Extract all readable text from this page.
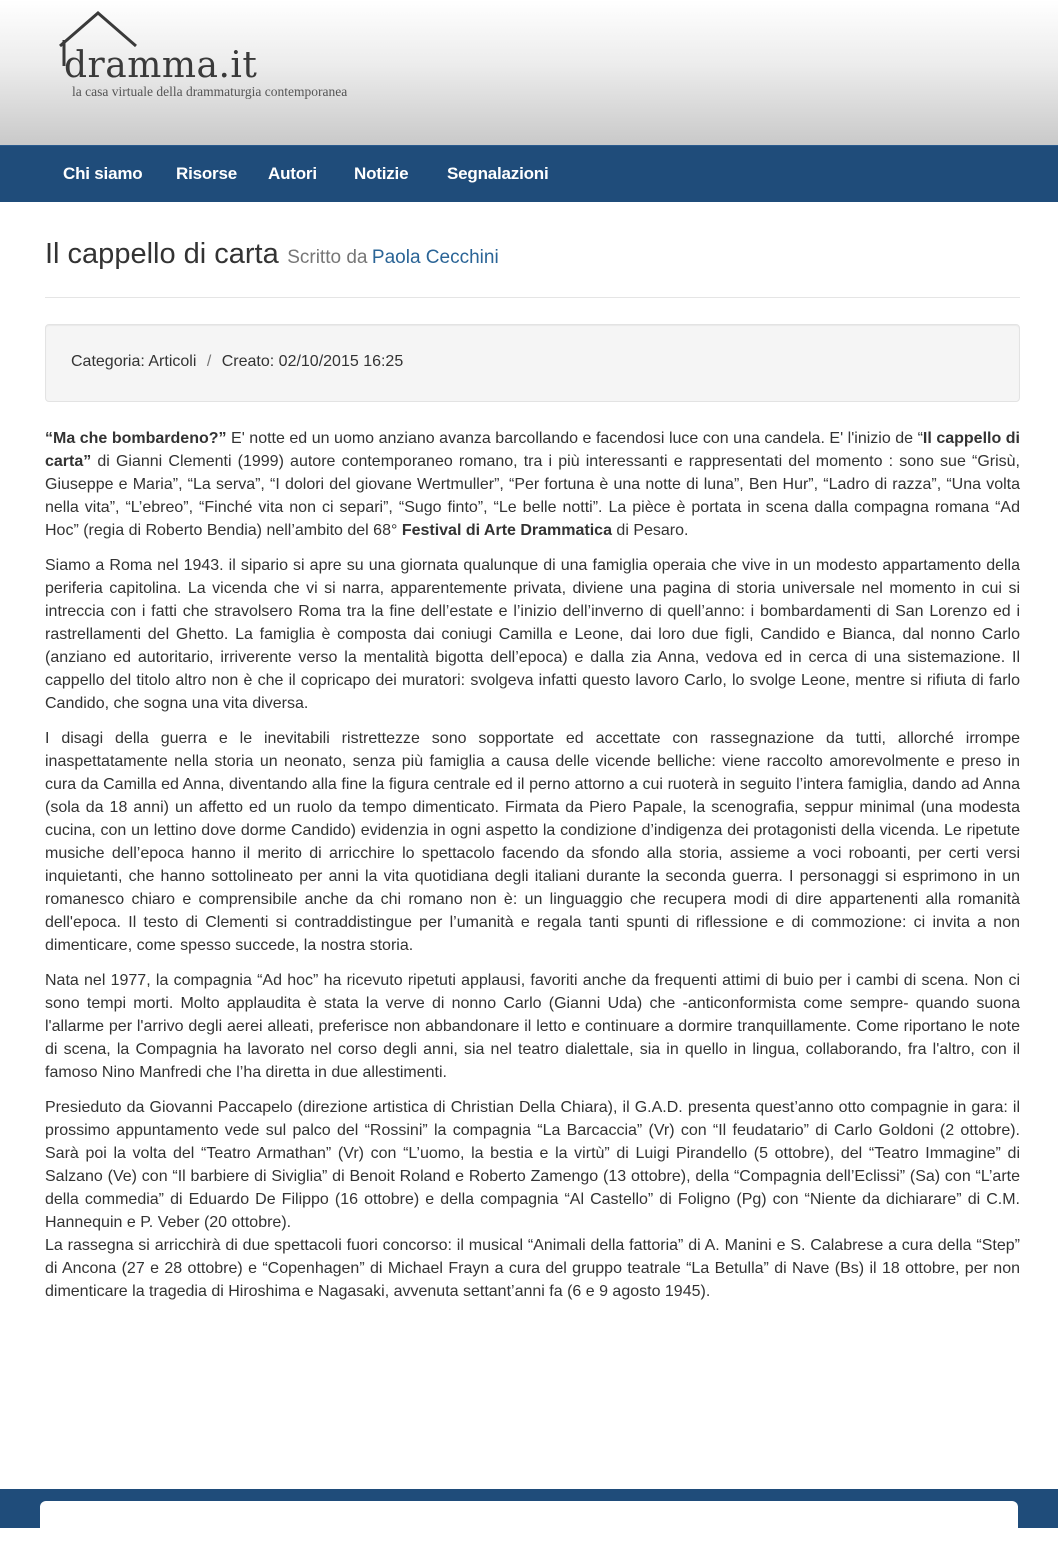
dramma.it
la casa virtuale della drammaturgia contemporanea
Chi siamo Risorse Autori Notizie Segnalazioni
Il cappello di carta Scritto da Paola Cecchini
Categoria: Articoli / Creato: 02/10/2015 16:25

“Ma che bombardeno?” E' notte ed un uomo anziano avanza barcollando e facendosi luce con una candela. E' l'inizio de “Il cappello di carta” di Gianni Clementi (1999) autore contemporaneo romano, tra i più interessanti e rappresentati del momento : sono sue “Grisù, Giuseppe e Maria”, “La serva”, “I dolori del giovane Wertmuller”, “Per fortuna è una notte di luna”, Ben Hur”, “Ladro di razza”, “Una volta nella vita”, “L’ebreo”, “Finché vita non ci separi”, “Sugo finto”, “Le belle notti”. La pièce è portata in scena dalla compagna romana “Ad Hoc” (regia di Roberto Bendia) nell’ambito del 68° Festival di Arte Drammatica di Pesaro.

Siamo a Roma nel 1943. il sipario si apre su una giornata qualunque di una famiglia operaia che vive in un modesto appartamento della periferia capitolina. La vicenda che vi si narra, apparentemente privata, diviene una pagina di storia universale nel momento in cui si intreccia con i fatti che stravolsero Roma tra la fine dell’estate e l’inizio dell’inverno di quell’anno: i bombardamenti di San Lorenzo ed i rastrellamenti del Ghetto. La famiglia è composta dai coniugi Camilla e Leone, dai loro due figli, Candido e Bianca, dal nonno Carlo (anziano ed autoritario, irriverente verso la mentalità bigotta dell’epoca) e dalla zia Anna, vedova ed in cerca di una sistemazione. Il cappello del titolo altro non è che il copricapo dei muratori: svolgeva infatti questo lavoro Carlo, lo svolge Leone, mentre si rifiuta di farlo Candido, che sogna una vita diversa.

I disagi della guerra e le inevitabili ristrettezze sono sopportate ed accettate con rassegnazione da tutti, allorché irrompe inaspettatamente nella storia un neonato, senza più famiglia a causa delle vicende belliche: viene raccolto amorevolmente e preso in cura da Camilla ed Anna, diventando alla fine la figura centrale ed il perno attorno a cui ruoterà in seguito l’intera famiglia, dando ad Anna (sola da 18 anni) un affetto ed un ruolo da tempo dimenticato. Firmata da Piero Papale, la scenografia, seppur minimal (una modesta cucina, con un lettino dove dorme Candido) evidenzia in ogni aspetto la condizione d’indigenza dei protagonisti della vicenda. Le ripetute musiche dell’epoca hanno il merito di arricchire lo spettacolo facendo da sfondo alla storia, assieme a voci roboanti, per certi versi inquietanti, che hanno sottolineato per anni la vita quotidiana degli italiani durante la seconda guerra. I personaggi si esprimono in un romanesco chiaro e comprensibile anche da chi romano non è: un linguaggio che recupera modi di dire appartenenti alla romanità dell'epoca. Il testo di Clementi si contraddistingue per l’umanità e regala tanti spunti di riflessione e di commozione: ci invita a non dimenticare, come spesso succede, la nostra storia.

Nata nel 1977, la compagnia “Ad hoc” ha ricevuto ripetuti applausi, favoriti anche da frequenti attimi di buio per i cambi di scena. Non ci sono tempi morti. Molto applaudita è stata la verve di nonno Carlo (Gianni Uda) che -anticonformista come sempre- quando suona l'allarme per l'arrivo degli aerei alleati, preferisce non abbandonare il letto e continuare a dormire tranquillamente. Come riportano le note di scena, la Compagnia ha lavorato nel corso degli anni, sia nel teatro dialettale, sia in quello in lingua, collaborando, fra l'altro, con il famoso Nino Manfredi che l’ha diretta in due allestimenti.

Presieduto da Giovanni Paccapelo (direzione artistica di Christian Della Chiara), il G.A.D. presenta quest’anno otto compagnie in gara: il prossimo appuntamento vede sul palco del “Rossini” la compagnia “La Barcaccia” (Vr) con “Il feudatario” di Carlo Goldoni (2 ottobre). Sarà poi la volta del “Teatro Armathan” (Vr) con “L’uomo, la bestia e la virtù” di Luigi Pirandello (5 ottobre), del “Teatro Immagine” di Salzano (Ve) con “Il barbiere di Siviglia” di Benoit Roland e Roberto Zamengo (13 ottobre), della “Compagnia dell’Eclissi” (Sa) con “L’arte della commedia” di Eduardo De Filippo (16 ottobre) e della compagnia “Al Castello” di Foligno (Pg) con “Niente da dichiarare” di C.M. Hannequin e P. Veber (20 ottobre).

La rassegna si arricchirà di due spettacoli fuori concorso: il musical “Animali della fattoria” di A. Manini e S. Calabrese a cura della “Step” di Ancona (27 e 28 ottobre) e “Copenhagen” di Michael Frayn a cura del gruppo teatrale “La Betulla” di Nave (Bs) il 18 ottobre, per non dimenticare la tragedia di Hiroshima e Nagasaki, avvenuta settant’anni fa (6 e 9 agosto 1945).
